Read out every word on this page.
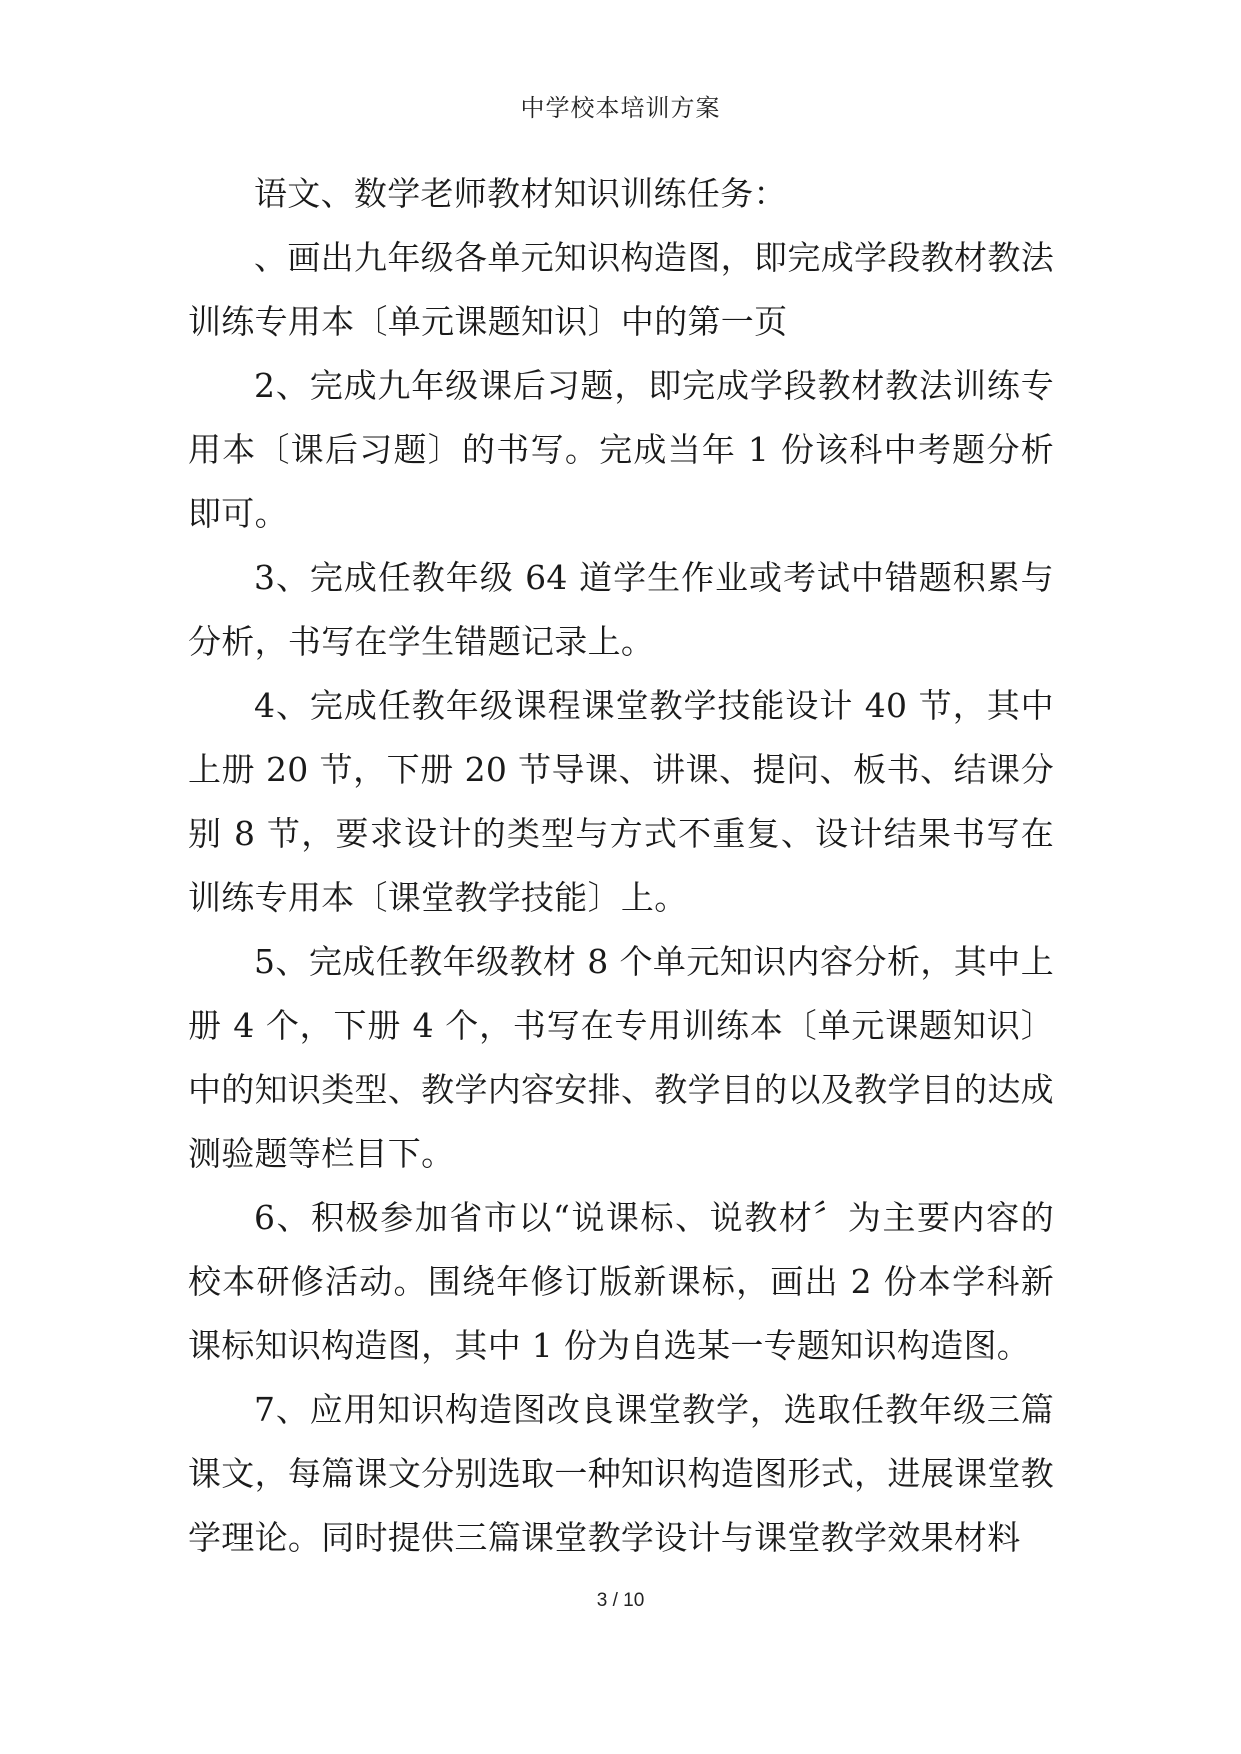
中学校本培训方案

语文、数学老师教材知识训练任务：

、画出九年级各单元知识构造图，即完成学段教材教法训练专用本〔单元课题知识〕中的第一页

2、完成九年级课后习题，即完成学段教材教法训练专用本〔课后习题〕的书写。完成当年 1 份该科中考题分析即可。

3、完成任教年级 64 道学生作业或考试中错题积累与分析，书写在学生错题记录上。

4、完成任教年级课程课堂教学技能设计 40 节，其中上册 20 节，下册 20 节导课、讲课、提问、板书、结课分别 8 节，要求设计的类型与方式不重复、设计结果书写在训练专用本〔课堂教学技能〕上。

5、完成任教年级教材 8 个单元知识内容分析，其中上册 4 个，下册 4 个，书写在专用训练本〔单元课题知识〕中的知识类型、教学内容安排、教学目的以及教学目的达成测验题等栏目下。

6、积极参加省市以“说课标、说教材〞为主要内容的校本研修活动。围绕年修订版新课标，画出 2 份本学科新课标知识构造图，其中 1 份为自选某一专题知识构造图。

7、应用知识构造图改良课堂教学，选取任教年级三篇课文，每篇课文分别选取一种知识构造图形式，进展课堂教学理论。同时提供三篇课堂教学设计与课堂教学效果材料

3 / 10
